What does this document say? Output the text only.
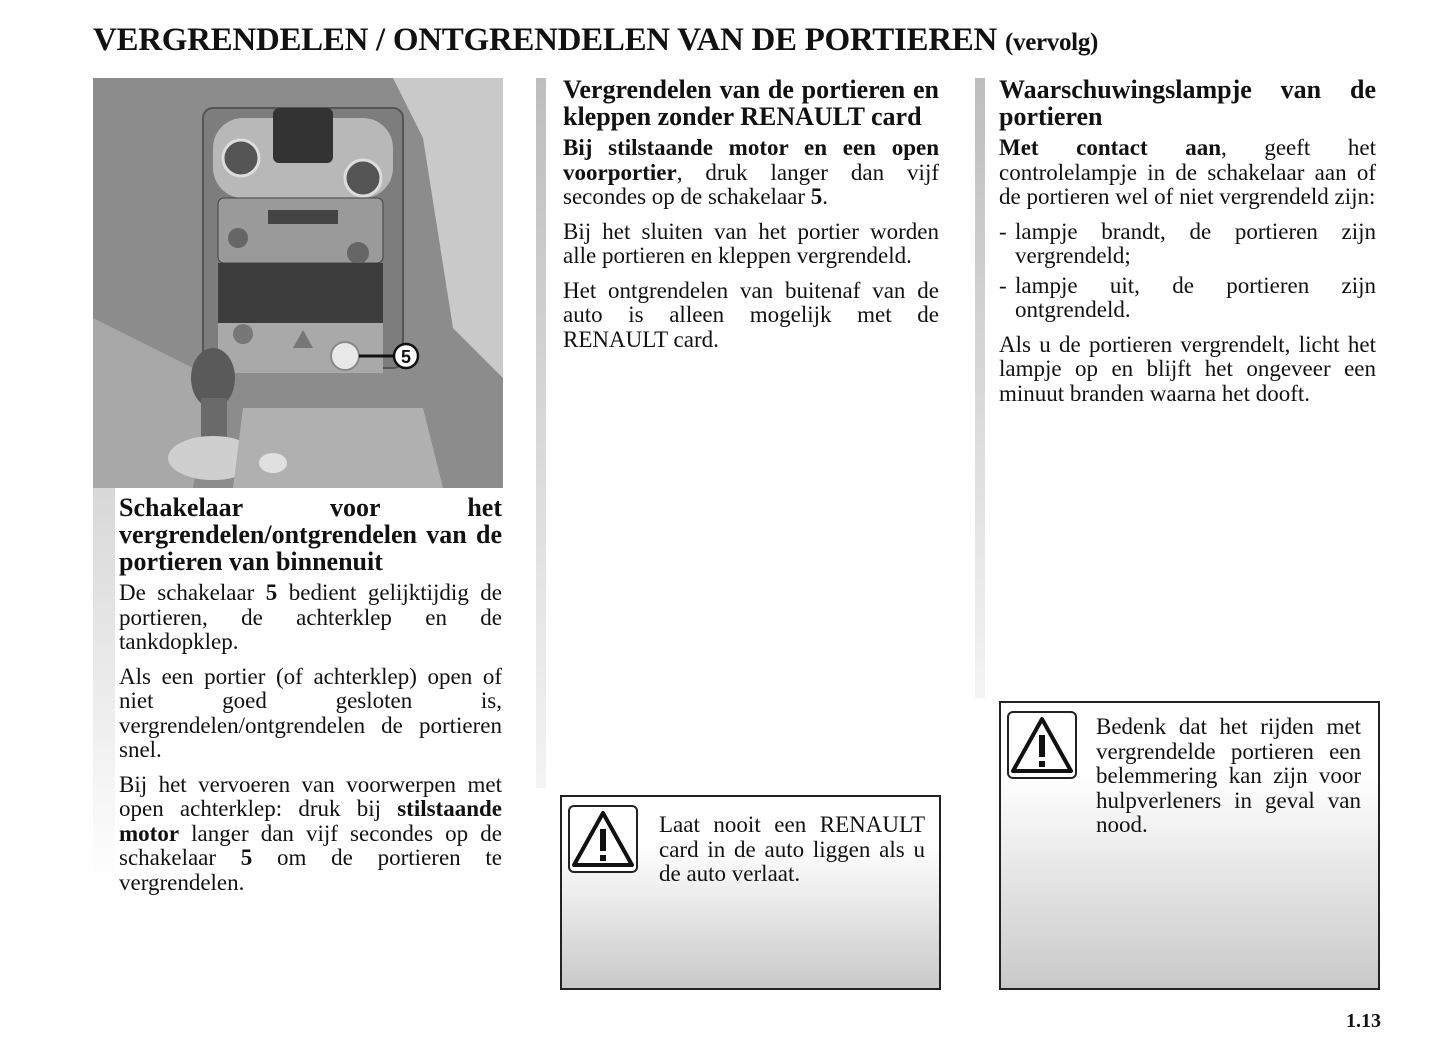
VERGRENDELEN / ONTGRENDELEN VAN DE PORTIEREN (vervolg)
5
Schakelaar voor het vergrendelen/ontgrendelen van de portieren van binnenuit

De schakelaar 5 bedient gelijktijdig de portieren, de achterklep en de tankdopklep.

Als een portier (of achterklep) open of niet goed gesloten is, vergrendelen/ontgrendelen de portieren snel.

Bij het vervoeren van voorwerpen met open achterklep: druk bij stilstaande motor langer dan vijf secondes op de schakelaar 5 om de portieren te vergrendelen.

Vergrendelen van de portieren en kleppen zonder RENAULT card

Bij stilstaande motor en een open voorportier, druk langer dan vijf secondes op de schakelaar 5.

Bij het sluiten van het portier worden alle portieren en kleppen vergrendeld.

Het ontgrendelen van buitenaf van de auto is alleen mogelijk met de RENAULT card.

Laat nooit een RENAULT card in de auto liggen als u de auto verlaat.

Waarschuwingslampje van de portieren

Met contact aan, geeft het controlelampje in de schakelaar aan of de portieren wel of niet vergrendeld zijn:

- lampje brandt, de portieren zijn vergrendeld;
- lampje uit, de portieren zijn ontgrendeld.

Als u de portieren vergrendelt, licht het lampje op en blijft het ongeveer een minuut branden waarna het dooft.

Bedenk dat het rijden met vergrendelde portieren een belemmering kan zijn voor hulpverleners in geval van nood.

1.13
